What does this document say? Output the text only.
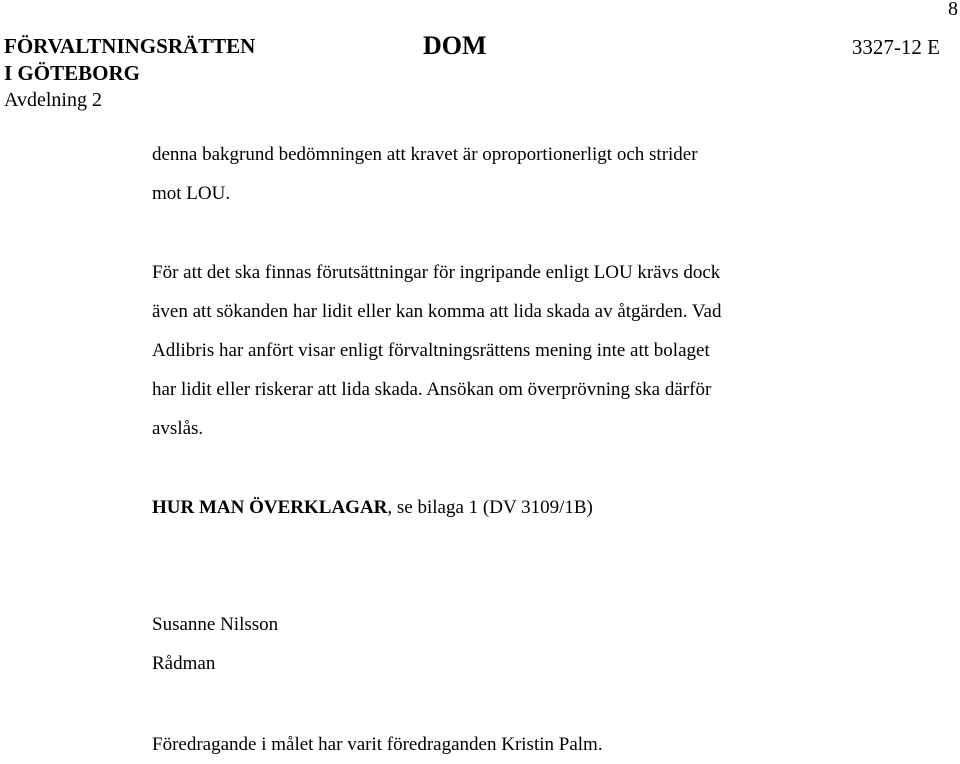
8
FÖRVALTNINGSRÄTTEN
I GÖTEBORG
Avdelning 2
DOM	3327-12 E
denna bakgrund bedömningen att kravet är oproportionerligt och strider
mot LOU.
För att det ska finnas förutsättningar för ingripande enligt LOU krävs dock
även att sökanden har lidit eller kan komma att lida skada av åtgärden. Vad
Adlibris har anfört visar enligt förvaltningsrättens mening inte att bolaget
har lidit eller riskerar att lida skada. Ansökan om överprövning ska därför
avslås.
HUR MAN ÖVERKLAGAR, se bilaga 1 (DV 3109/1B)
Susanne Nilsson
Rådman
Föredragande i målet har varit föredraganden Kristin Palm.
